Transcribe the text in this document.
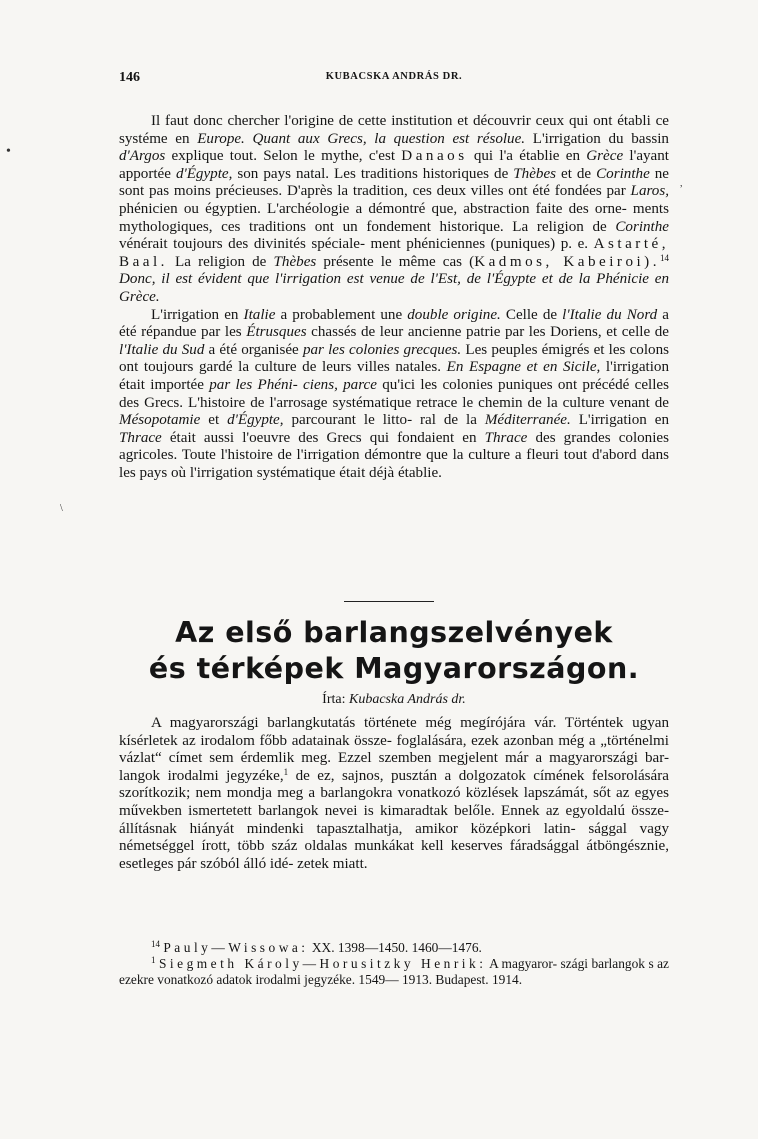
146	KUBACSKA ANDRÁS DR.

Il faut donc chercher l'origine de cette institution et découvrir ceux qui ont établi ce systéme en Europe. Quant aux Grecs, la question est résolue. L'irrigation du bassin d'Argos explique tout. Selon le mythe, c'est Danaos qui l'a établie en Grèce l'ayant apportée d'Égypte, son pays natal. Les traditions historiques de Thèbes et de Corinthe ne sont pas moins précieuses. D'après la tradition, ces deux villes ont été fondées par Laros, phénicien ou égyptien. L'archéologie a démontré que, abstraction faite des orne- ments mythologiques, ces traditions ont un fondement historique. La religion de Corinthe vénérait toujours des divinités spéciale- ment phéniciennes (puniques) p. e. Astarté, Baal. La religion de Thèbes présente le même cas (Kadmos, Kabeiroi).$^{14}$ Donc, il est évident que l'irrigation est venue de l'Est, de l'Égypte et de la Phénicie en Grèce.

L'irrigation en Italie a probablement une double origine. Celle de l'Italie du Nord a été répandue par les Étrusques chassés de leur ancienne patrie par les Doriens, et celle de l'Italie du Sud a été organisée par les colonies grecques. Les peuples émigrés et les colons ont toujours gardé la culture de leurs villes natales. En Espagne et en Sicile, l'irrigation était importée par les Phéni- ciens, parce qu'ici les colonies puniques ont précédé celles des Grecs. L'histoire de l'arrosage systématique retrace le chemin de la culture venant de Mésopotamie et d'Égypte, parcourant le litto- ral de la Méditerranée. L'irrigation en Thrace était aussi l'oeuvre des Grecs qui fondaient en Thrace des grandes colonies agricoles. Toute l'histoire de l'irrigation démontre que la culture a fleuri tout d'abord dans les pays où l'irrigation systématique était déjà établie.

Az első barlangszelvények
és térképek Magyarországon.
Írta: Kubacska András dr.

A magyarországi barlangkutatás története még megírójára vár. Történtek ugyan kísérletek az irodalom főbb adatainak össze- foglalására, ezek azonban még a „történelmi vázlat“ címet sem érdemlik meg. Ezzel szemben megjelent már a magyarországi bar- langok irodalmi jegyzéke,$^1$ de ez, sajnos, pusztán a dolgozatok címének felsorolására szorítkozik; nem mondja meg a barlangokra vonatkozó közlések lapszámát, sőt az egyes művekben ismertetett barlangok nevei is kimaradtak belőle. Ennek az egyoldalú össze- állításnak hiányát mindenki tapasztalhatja, amikor középkori latin- sággal vagy németséggel írott, több száz oldalas munkákat kell keserves fáradsággal átböngésznie, esetleges pár szóból álló idé- zetek miatt.

$^{14}$ Pauly—Wissowa: XX. 1398—1450. 1460—1476.

$^1$ Siegmeth Károly—Horusitzky Henrik: A magyaror- szági barlangok s az ezekre vonatkozó adatok irodalmi jegyzéke. 1549— 1913. Budapest. 1914.

•
,
\
